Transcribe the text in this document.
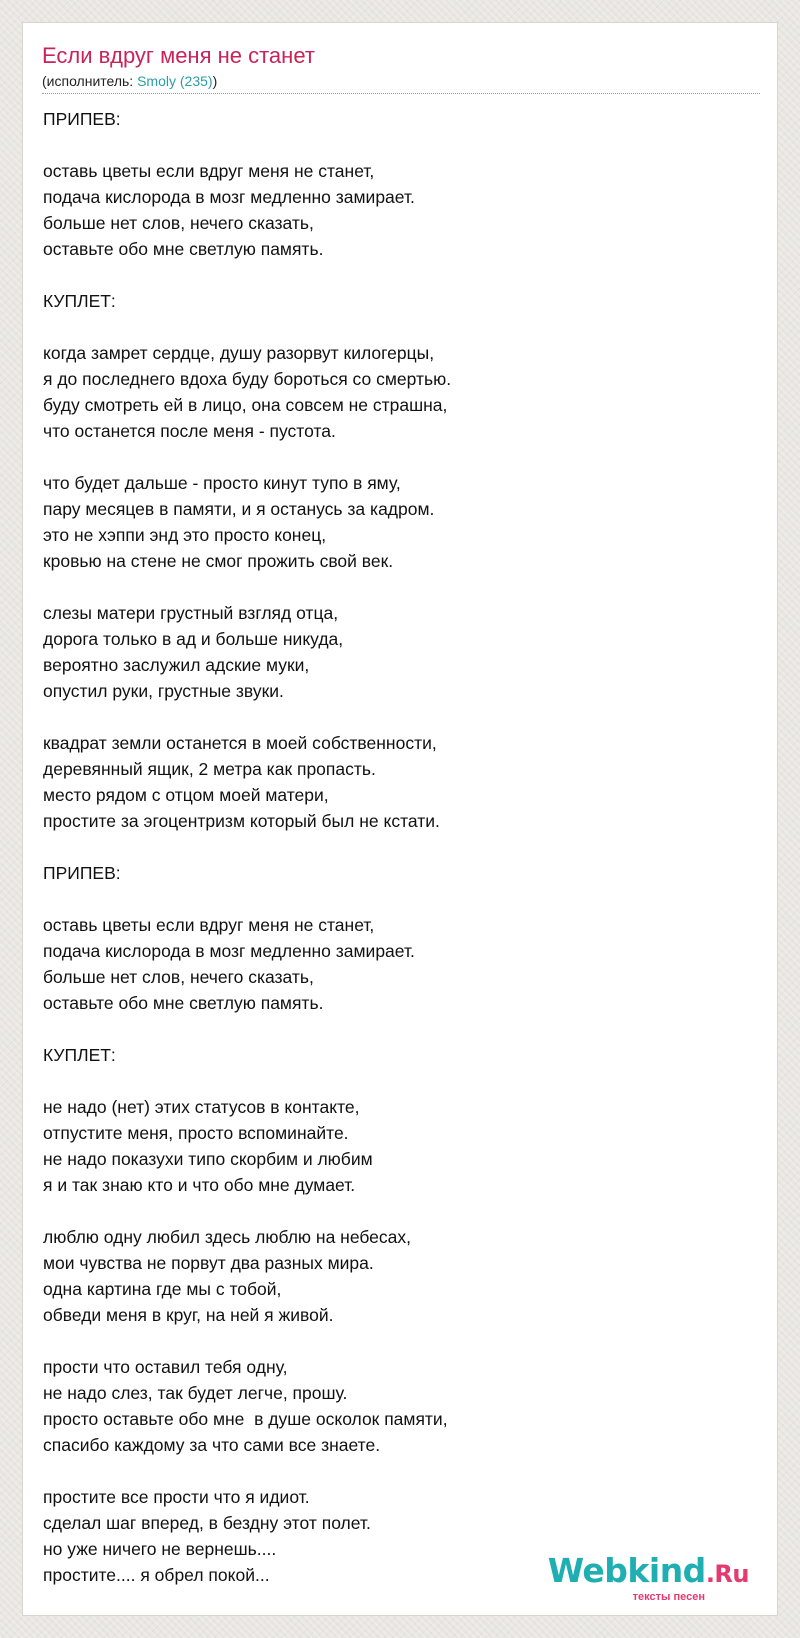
Если вдруг меня не станет
(исполнитель: Smoly (235))
ПРИПЕВ:
оставь цветы если вдруг меня не станет,
подача кислорода в мозг медленно замирает.
больше нет слов, нечего сказать,
оставьте обо мне светлую память.
КУПЛЕТ:
когда замрет сердце, душу разорвут килогерцы,
я до последнего вдоха буду бороться со смертью.
буду смотреть ей в лицо, она совсем не страшна,
что останется после меня - пустота.
что будет дальше - просто кинут тупо в яму,
пару месяцев в памяти, и я останусь за кадром.
это не хэппи энд это просто конец,
кровью на стене не смог прожить свой век.
слезы матери грустный взгляд отца,
дорога только в ад и больше никуда,
вероятно заслужил адские муки,
опустил руки, грустные звуки.
квадрат земли останется в моей собственности,
деревянный ящик, 2 метра как пропасть.
место рядом с отцом моей матери,
простите за эгоцентризм который был не кстати.
ПРИПЕВ:
оставь цветы если вдруг меня не станет,
подача кислорода в мозг медленно замирает.
больше нет слов, нечего сказать,
оставьте обо мне светлую память.
КУПЛЕТ:
не надо (нет) этих статусов в контакте,
отпустите меня, просто вспоминайте.
не надо показухи типо скорбим и любим
я и так знаю кто и что обо мне думает.
люблю одну любил здесь люблю на небесах,
мои чувства не порвут два разных мира.
одна картина где мы с тобой,
обведи меня в круг, на ней я живой.
прости что оставил тебя одну,
не надо слез, так будет легче, прошу.
просто оставьте обо мне  в душе осколок памяти,
спасибо каждому за что сами все знаете.
простите все прости что я идиот.
сделал шаг вперед, в бездну этот полет.
но уже ничего не вернешь....
простите.... я обрел покой...	Webkind.Ru
тексты песен
